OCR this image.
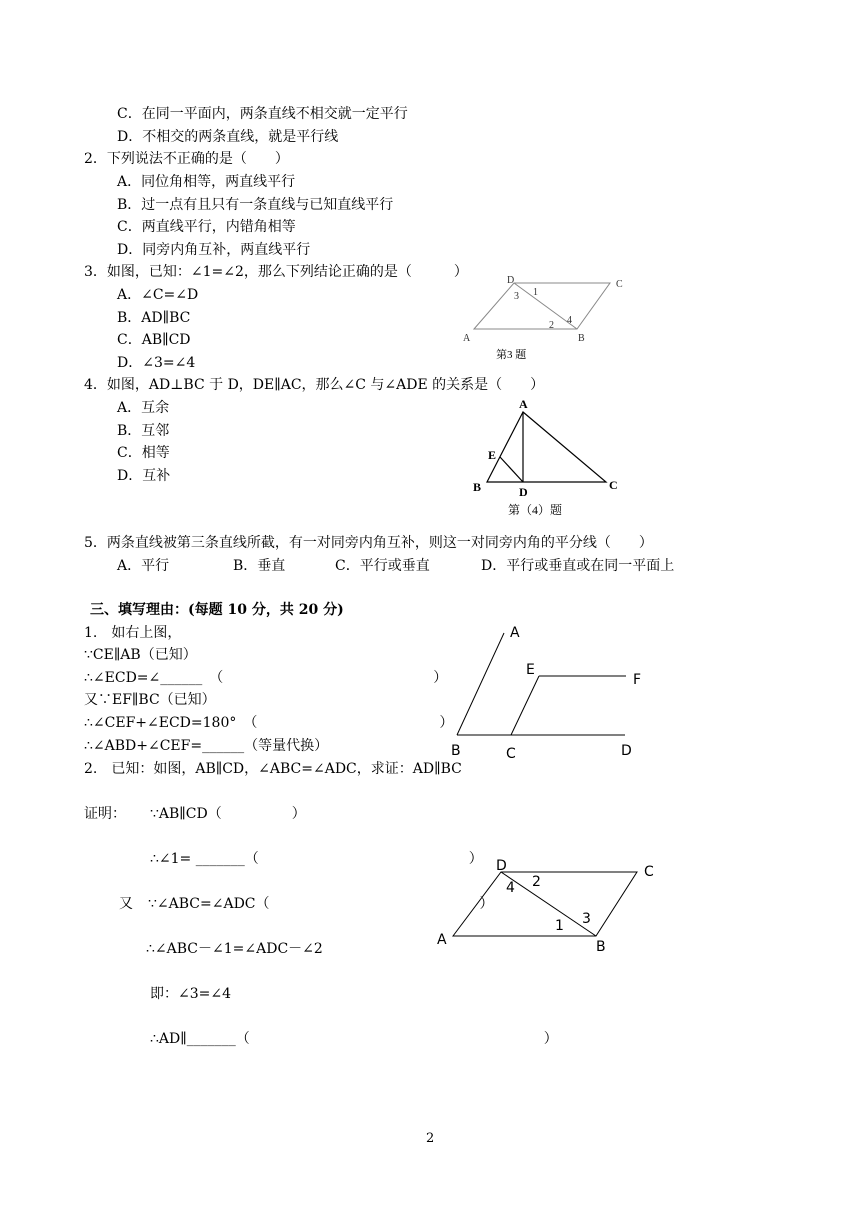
C．在同一平面内，两条直线不相交就一定平行
D．不相交的两条直线，就是平行线
2．下列说法不正确的是（　　）
A．同位角相等，两直线平行
B．过一点有且只有一条直线与已知直线平行
C．两直线平行，内错角相等
D．同旁内角互补，两直线平行
3．如图，已知：∠1=∠2，那么下列结论正确的是（　　　）
A．∠C=∠D
B．AD∥BC
C．AB∥CD
D．∠3=∠4
4．如图，AD⊥BC 于 D，DE∥AC，那么∠C 与∠ADE 的关系是（　　）
A．互余
B．互邻
C．相等
D．互补
5．两条直线被第三条直线所截，有一对同旁内角互补，则这一对同旁内角的平分线（　　）
A．平行	B．垂直	C．平行或垂直	D．平行或垂直或在同一平面上
三、填写理由：(每题 10 分，共 20 分)
1.　如右上图，
∵CE∥AB（已知）
∴∠ECD=∠______　（　　　　　　　　　　　　　　　）
又∵EF∥BC（已知）
∴∠CEF+∠ECD=180°　（　　　　　　　　　　　　　）
∴∠ABD+∠CEF=______（等量代换）
2.　已知：如图，AB∥CD，∠ABC=∠ADC，求证：AD∥BC
证明： ∵AB∥CD（　　　　　）
∴∠1= _______（　　　　　　　　　　　　　　　）
又 ∵∠ABC=∠ADC（　　　　　　　　　　　　　　　）
∴∠ABC－∠1=∠ADC－∠2
即：∠3=∠4
∴AD∥_______（　　　　　　　　　　　　　　　　　　　　　）
2
D	C
A	B
1
3
2 4
第3 题
A
E
B	D	C
第（4）题
A
E
F
B	C	D
D	C
A	B
4 2
1 3
